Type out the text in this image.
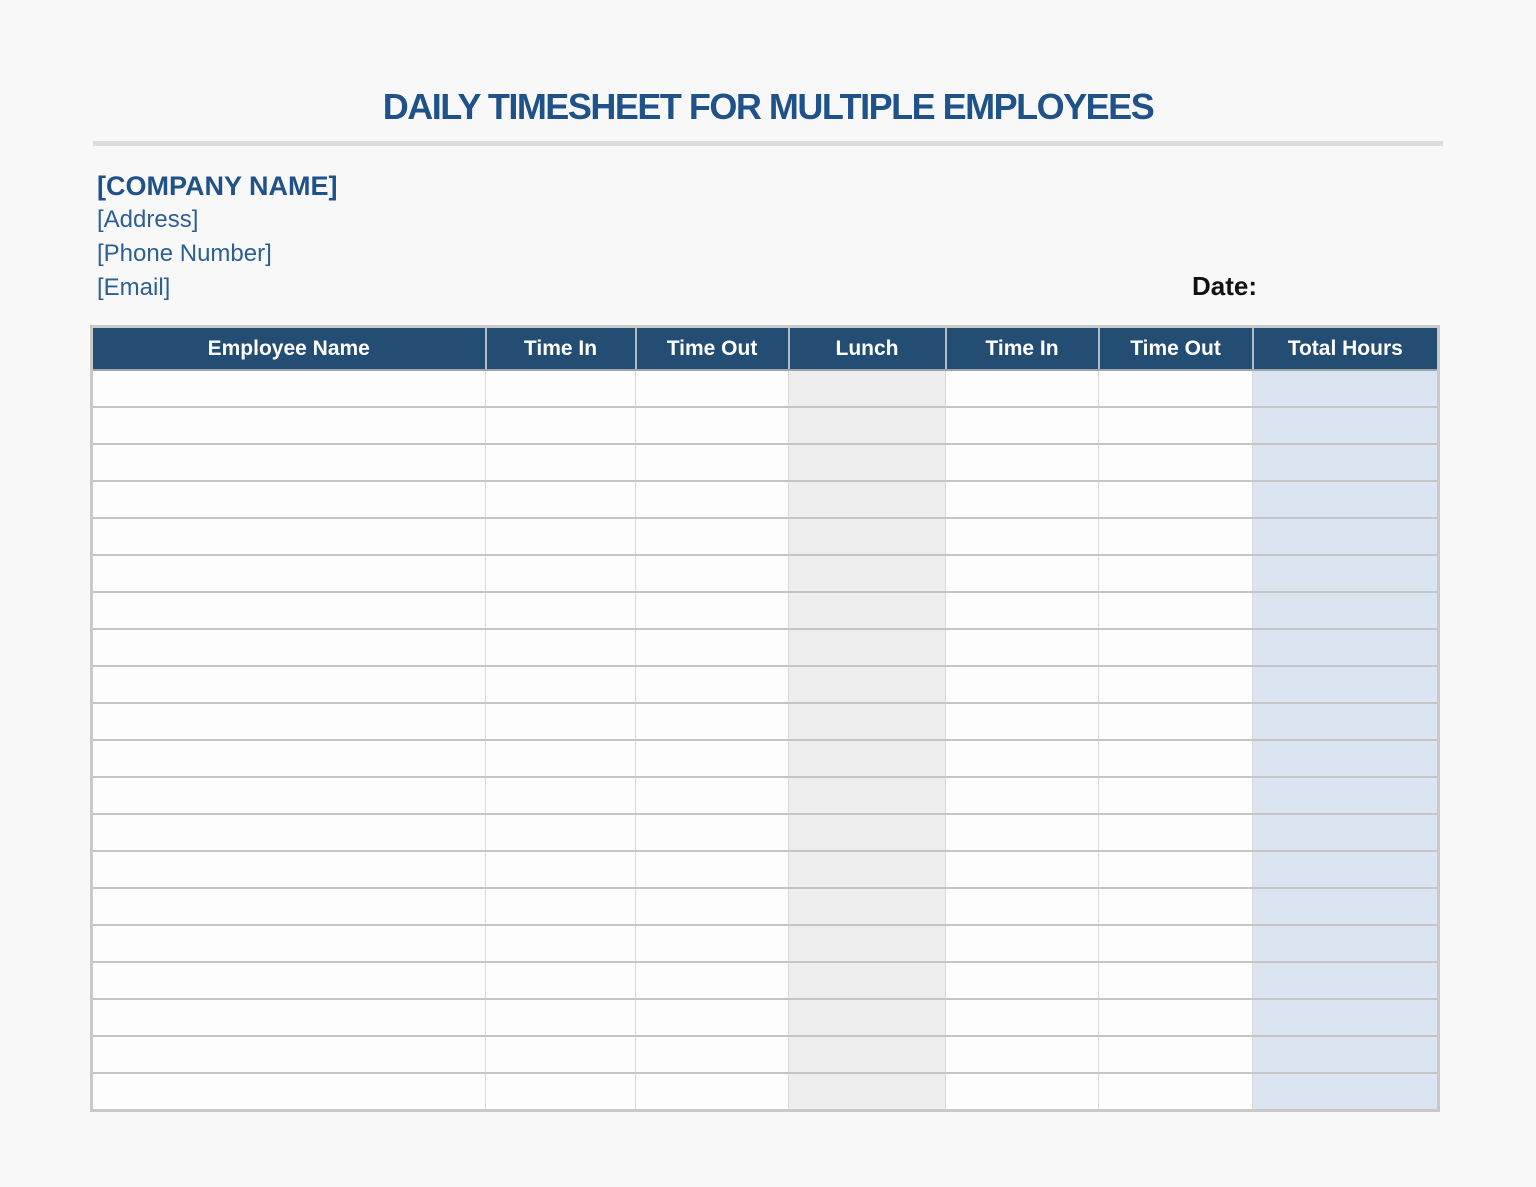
DAILY TIMESHEET FOR MULTIPLE EMPLOYEES
[COMPANY NAME]
[Address]
[Phone Number]
[Email]	Date:
Employee Name	Time In	Time Out	Lunch	Time In	Time Out	Total Hours
